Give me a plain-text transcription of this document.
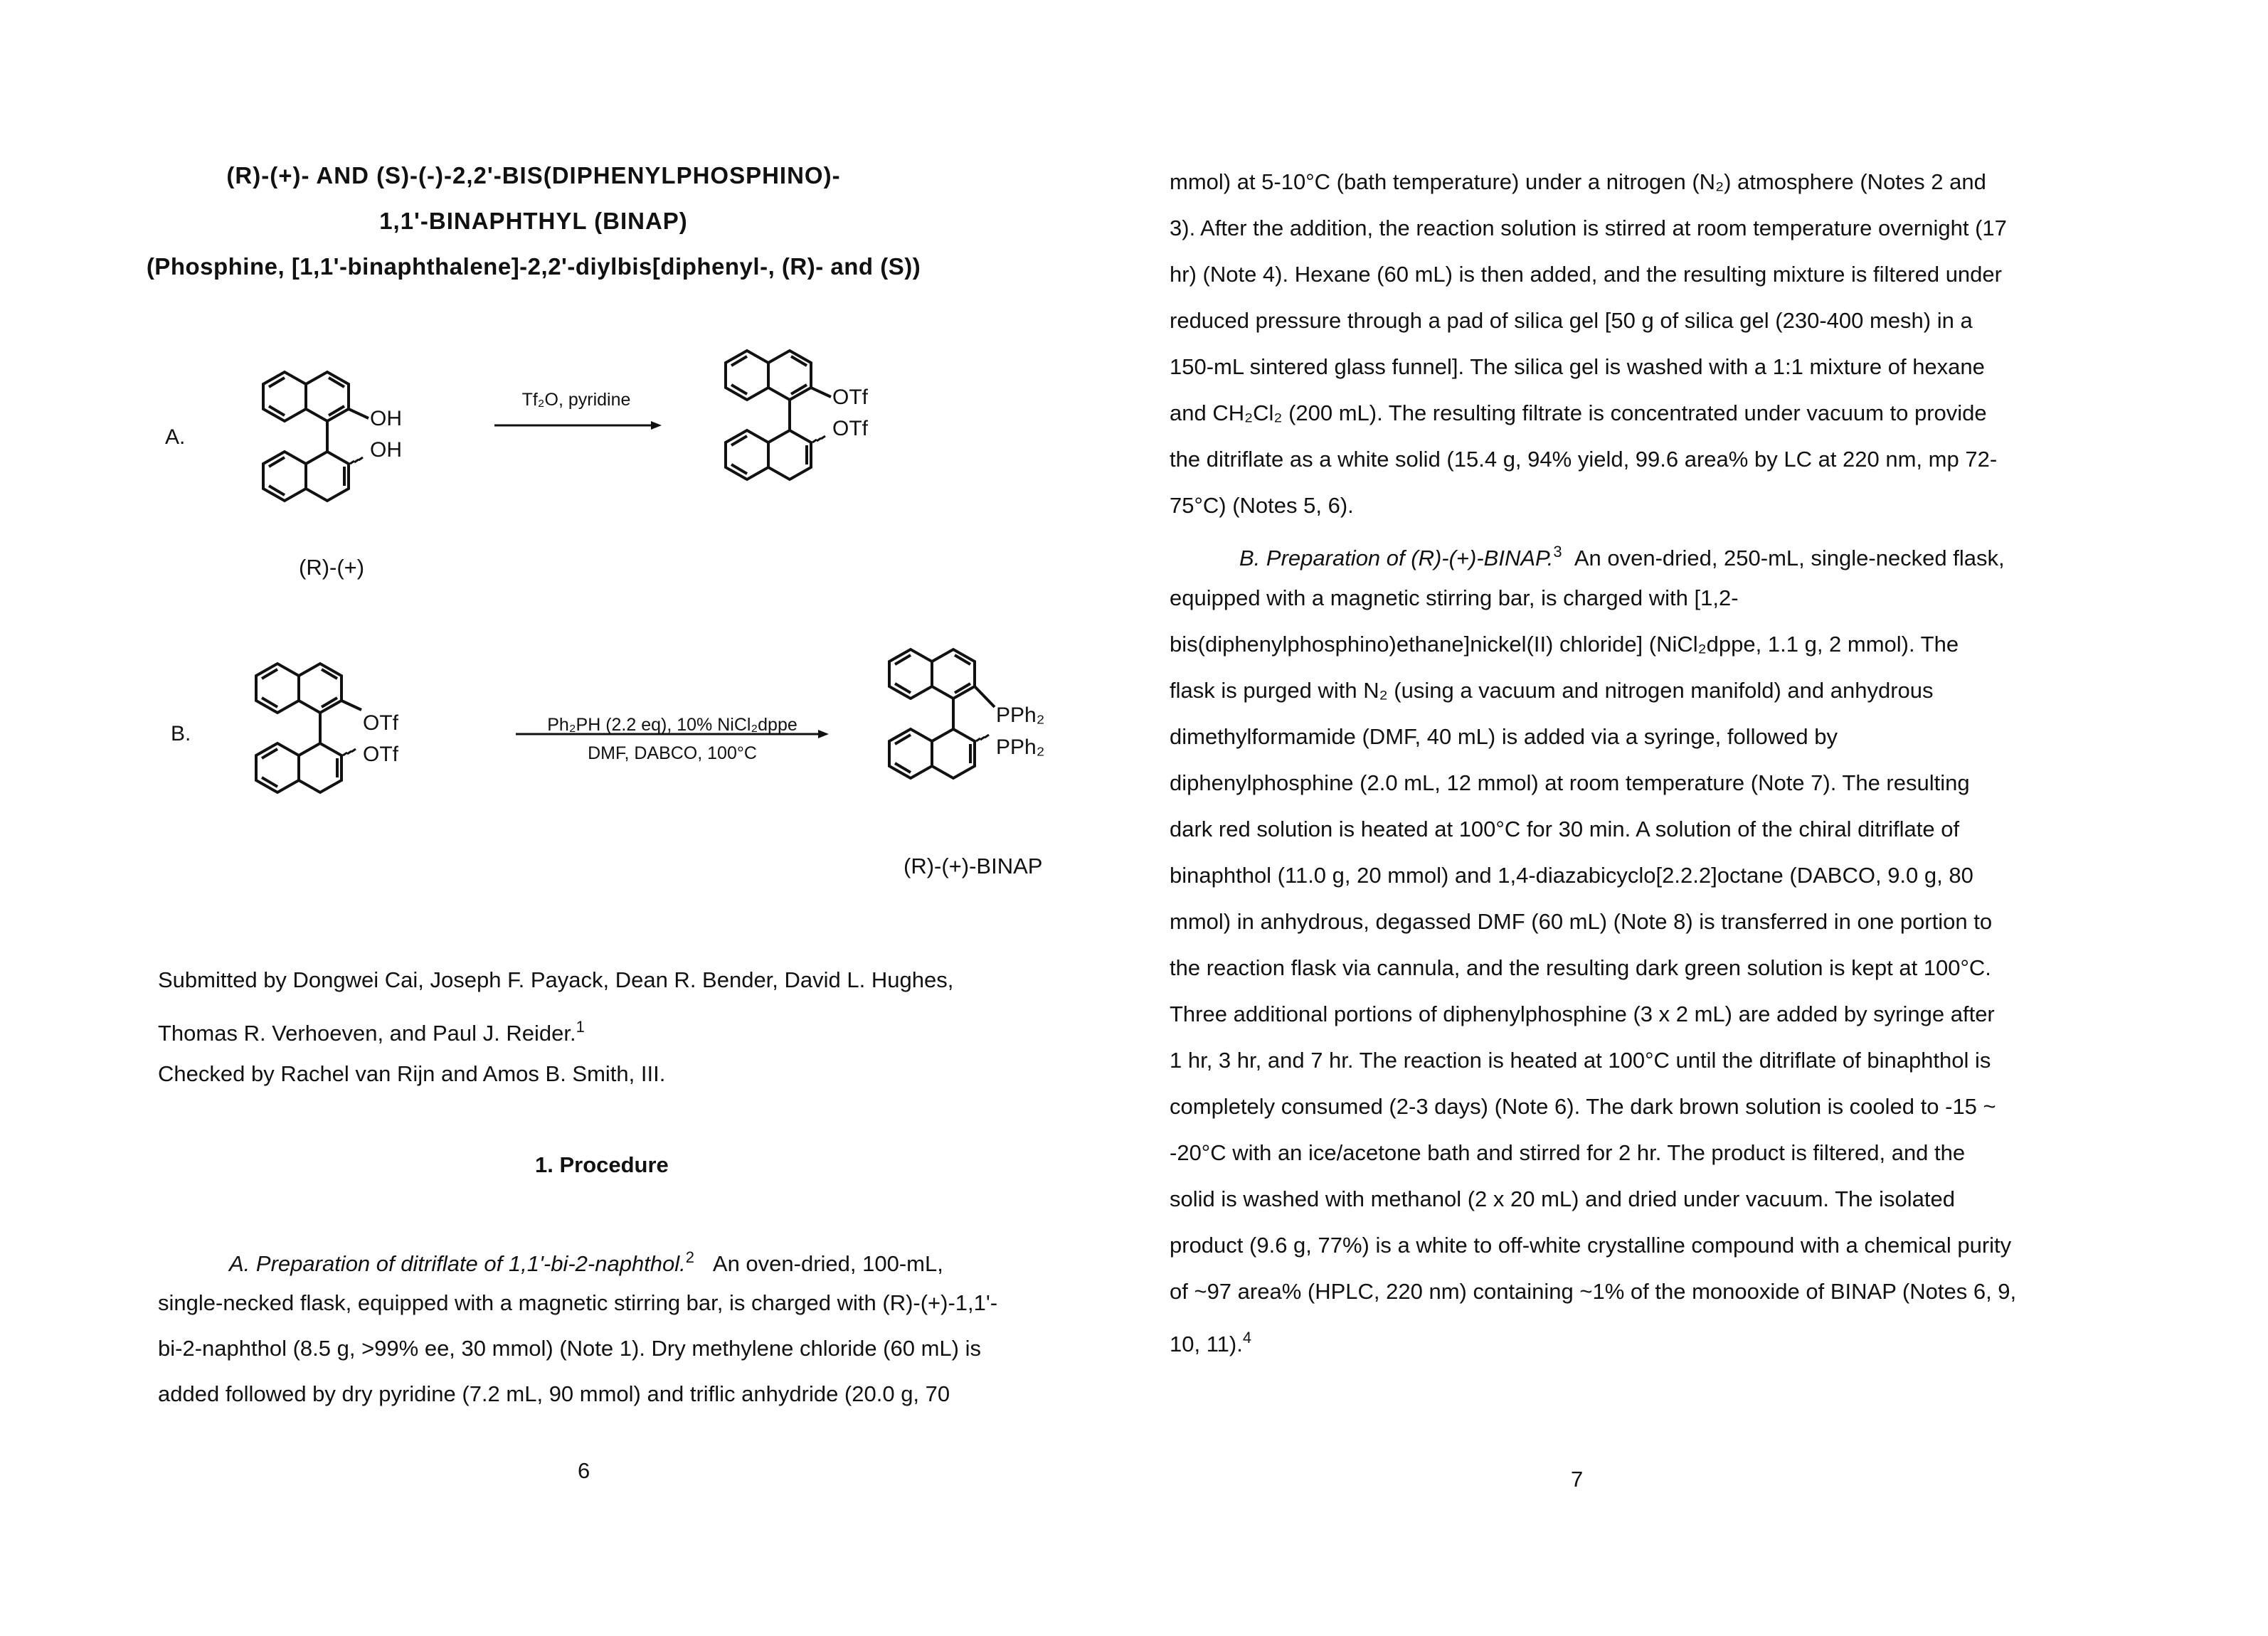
(R)-(+)- AND (S)-(-)-2,2'-BIS(DIPHENYLPHOSPHINO)-
1,1'-BINAPHTHYL (BINAP)
(Phosphine, [1,1'-binaphthalene]-2,2'-diylbis[diphenyl-, (R)- and (S))
A.
OH
OH
Tf₂O, pyridine	OTf
OTf
(R)-(+)
B.	OTf
OTf
Ph₂PH (2.2 eq), 10% NiCl₂dppe
DMF, DABCO, 100°C
PPh₂
PPh₂
(R)-(+)-BINAP
Submitted by Dongwei Cai, Joseph F. Payack, Dean R. Bender, David L. Hughes,
Thomas R. Verhoeven, and Paul J. Reider.$^1$
Checked by Rachel van Rijn and Amos B. Smith, III.
1. Procedure
A. Preparation of ditriflate of 1,1'-bi-2-naphthol.$^2$ An oven-dried, 100-mL,
single-necked flask, equipped with a magnetic stirring bar, is charged with (R)-(+)-1,1'-
bi-2-naphthol (8.5 g, >99% ee, 30 mmol) (Note 1). Dry methylene chloride (60 mL) is
added followed by dry pyridine (7.2 mL, 90 mmol) and triflic anhydride (20.0 g, 70
6
mmol) at 5-10°C (bath temperature) under a nitrogen (N₂) atmosphere (Notes 2 and
3). After the addition, the reaction solution is stirred at room temperature overnight (17
hr) (Note 4). Hexane (60 mL) is then added, and the resulting mixture is filtered under
reduced pressure through a pad of silica gel [50 g of silica gel (230-400 mesh) in a
150-mL sintered glass funnel]. The silica gel is washed with a 1:1 mixture of hexane
and CH₂Cl₂ (200 mL). The resulting filtrate is concentrated under vacuum to provide
the ditriflate as a white solid (15.4 g, 94% yield, 99.6 area% by LC at 220 nm, mp 72-
75°C) (Notes 5, 6).
B. Preparation of (R)-(+)-BINAP.$^3$ An oven-dried, 250-mL, single-necked flask,
equipped with a magnetic stirring bar, is charged with [1,2-
bis(diphenylphosphino)ethane]nickel(II) chloride] (NiCl₂dppe, 1.1 g, 2 mmol). The
flask is purged with N₂ (using a vacuum and nitrogen manifold) and anhydrous
dimethylformamide (DMF, 40 mL) is added via a syringe, followed by
diphenylphosphine (2.0 mL, 12 mmol) at room temperature (Note 7). The resulting
dark red solution is heated at 100°C for 30 min. A solution of the chiral ditriflate of
binaphthol (11.0 g, 20 mmol) and 1,4-diazabicyclo[2.2.2]octane (DABCO, 9.0 g, 80
mmol) in anhydrous, degassed DMF (60 mL) (Note 8) is transferred in one portion to
the reaction flask via cannula, and the resulting dark green solution is kept at 100°C.
Three additional portions of diphenylphosphine (3 x 2 mL) are added by syringe after
1 hr, 3 hr, and 7 hr. The reaction is heated at 100°C until the ditriflate of binaphthol is
completely consumed (2-3 days) (Note 6). The dark brown solution is cooled to -15 ~
-20°C with an ice/acetone bath and stirred for 2 hr. The product is filtered, and the
solid is washed with methanol (2 x 20 mL) and dried under vacuum. The isolated
product (9.6 g, 77%) is a white to off-white crystalline compound with a chemical purity
of ~97 area% (HPLC, 220 nm) containing ~1% of the monooxide of BINAP (Notes 6, 9,
10, 11).$^4$
7
